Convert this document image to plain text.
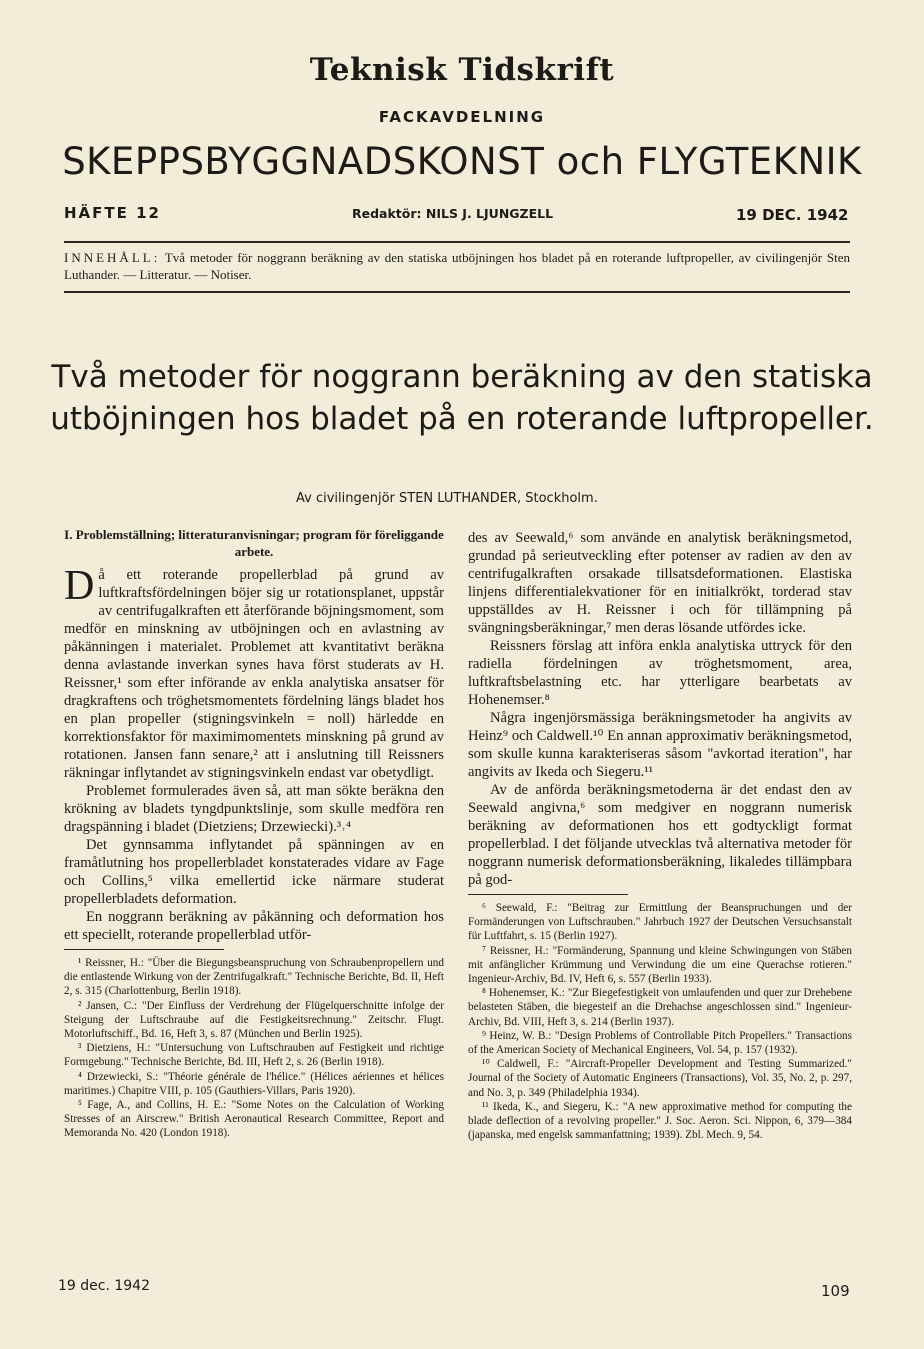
Teknisk Tidskrift
FACKAVDELNING
SKEPPSBYGGNADSKONST och FLYGTEKNIK
HÄFTE 12	Redaktör: NILS J. LJUNGZELL	19 DEC. 1942
INNEHÅLL: Två metoder för noggrann beräkning av den statiska utböjningen hos bladet på en roterande luftpropeller, av civilingenjör Sten Luthander. — Litteratur. — Notiser.
Två metoder för noggrann beräkning av den statiska utböjningen hos bladet på en roterande luftpropeller.
Av civilingenjör STEN LUTHANDER, Stockholm.
I. Problemställning; litteraturanvisningar; program för föreliggande arbete.

Då ett roterande propellerblad på grund av luftkraftsfördelningen böjer sig ur rotationsplanet, uppstår av centrifugalkraften ett återförande böjningsmoment, som medför en minskning av utböjningen och en avlastning av påkänningen i materialet. Problemet att kvantitativt beräkna denna avlastande inverkan synes hava först studerats av H. Reissner,¹ som efter införande av enkla analytiska ansatser för dragkraftens och tröghetsmomentets fördelning längs bladet hos en plan propeller (stigningsvinkeln = noll) härledde en korrektionsfaktor för maximimomentets minskning på grund av rotationen. Jansen fann senare,² att i anslutning till Reissners räkningar inflytandet av stigningsvinkeln endast var obetydligt.

Problemet formulerades även så, att man sökte beräkna den krökning av bladets tyngdpunktslinje, som skulle medföra ren dragspänning i bladet (Dietziens; Drzewiecki).³˒⁴

Det gynnsamma inflytandet på spänningen av en framåtlutning hos propellerbladet konstaterades vidare av Fage och Collins,⁵ vilka emellertid icke närmare studerat propellerbladets deformation.

En noggrann beräkning av påkänning och deformation hos ett speciellt, roterande propellerblad utför-

¹ Reissner, H.: "Über die Biegungsbeanspruchung von Schraubenpropellern und die entlastende Wirkung von der Zentrifugalkraft." Technische Berichte, Bd. II, Heft 2, s. 315 (Charlottenburg, Berlin 1918).

² Jansen, C.: "Der Einfluss der Verdrehung der Flügelquerschnitte infolge der Steigung der Luftschraube auf die Festigkeitsrechnung." Zeitschr. Flugt. Motorluftschiff., Bd. 16, Heft 3, s. 87 (München und Berlin 1925).

³ Dietziens, H.: "Untersuchung von Luftschrauben auf Festigkeit und richtige Formgebung." Technische Berichte, Bd. III, Heft 2, s. 26 (Berlin 1918).

⁴ Drzewiecki, S.: "Théorie générale de l'hélice." (Hélices aériennes et hélices maritimes.) Chapitre VIII, p. 105 (Gauthiers-Villars, Paris 1920).

⁵ Fage, A., and Collins, H. E.: "Some Notes on the Calculation of Working Stresses of an Airscrew." British Aeronautical Research Committee, Report and Memoranda No. 420 (London 1918).

des av Seewald,⁶ som använde en analytisk beräkningsmetod, grundad på serieutveckling efter potenser av radien av den av centrifugalkraften orsakade tillsatsdeformationen. Elastiska linjens differentialekvationer för en initialkrökt, torderad stav uppställdes av H. Reissner i och för tillämpning på svängningsberäkningar,⁷ men deras lösande utfördes icke.

Reissners förslag att införa enkla analytiska uttryck för den radiella fördelningen av tröghetsmoment, area, luftkraftsbelastning etc. har ytterligare bearbetats av Hohenemser.⁸

Några ingenjörsmässiga beräkningsmetoder ha angivits av Heinz⁹ och Caldwell.¹⁰ En annan approximativ beräkningsmetod, som skulle kunna karakteriseras såsom "avkortad iteration", har angivits av Ikeda och Siegeru.¹¹

Av de anförda beräkningsmetoderna är det endast den av Seewald angivna,⁶ som medgiver en noggrann numerisk beräkning av deformationen hos ett godtyckligt format propellerblad. I det följande utvecklas två alternativa metoder för noggrann numerisk deformationsberäkning, likaledes tillämpbara på god-

⁶ Seewald, F.: "Beitrag zur Ermittlung der Beanspruchungen und der Formänderungen von Luftschrauben." Jahrbuch 1927 der Deutschen Versuchsanstalt für Luftfahrt, s. 15 (Berlin 1927).

⁷ Reissner, H.: "Formänderung, Spannung und kleine Schwingungen von Stäben mit anfänglicher Krümmung und Verwindung die um eine Querachse rotieren." Ingenieur-Archiv, Bd. IV, Heft 6, s. 557 (Berlin 1933).

⁸ Hohenemser, K.: "Zur Biegefestigkeit von umlaufenden und quer zur Drehebene belasteten Stäben, die biegesteif an die Drehachse angeschlossen sind." Ingenieur-Archiv, Bd. VIII, Heft 3, s. 214 (Berlin 1937).

⁹ Heinz, W. B.: "Design Problems of Controllable Pitch Propellers." Transactions of the American Society of Mechanical Engineers, Vol. 54, p. 157 (1932).

¹⁰ Caldwell, F.: "Aircraft-Propeller Development and Testing Summarized." Journal of the Society of Automatic Engineers (Transactions), Vol. 35, No. 2, p. 297, and No. 3, p. 349 (Philadelphia 1934).

¹¹ Ikeda, K., and Siegeru, K.: "A new approximative method for computing the blade deflection of a revolving propeller." J. Soc. Aeron. Sci. Nippon, 6, 379—384 (japanska, med engelsk sammanfattning; 1939). Zbl. Mech. 9, 54.

19 dec. 1942	109
